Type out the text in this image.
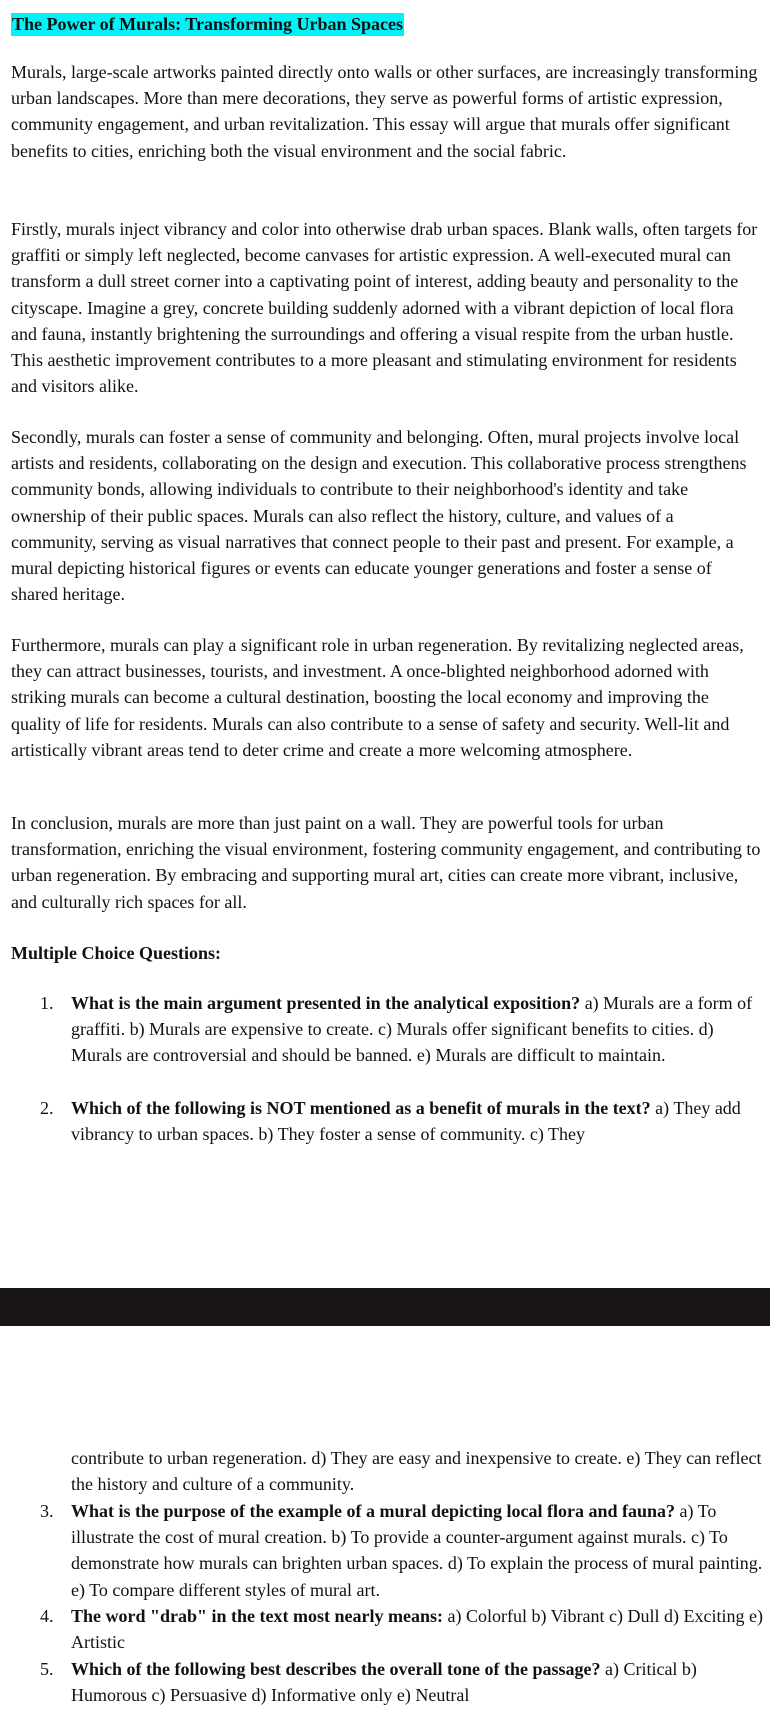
The Power of Murals: Transforming Urban Spaces

Murals, large-scale artworks painted directly onto walls or other surfaces, are increasingly transforming urban landscapes. More than mere decorations, they serve as powerful forms of artistic expression, community engagement, and urban revitalization. This essay will argue that murals offer significant benefits to cities, enriching both the visual environment and the social fabric.

Firstly, murals inject vibrancy and color into otherwise drab urban spaces. Blank walls, often targets for graffiti or simply left neglected, become canvases for artistic expression. A well-executed mural can transform a dull street corner into a captivating point of interest, adding beauty and personality to the cityscape. Imagine a grey, concrete building suddenly adorned with a vibrant depiction of local flora and fauna, instantly brightening the surroundings and offering a visual respite from the urban hustle. This aesthetic improvement contributes to a more pleasant and stimulating environment for residents and visitors alike.

Secondly, murals can foster a sense of community and belonging. Often, mural projects involve local artists and residents, collaborating on the design and execution. This collaborative process strengthens community bonds, allowing individuals to contribute to their neighborhood's identity and take ownership of their public spaces. Murals can also reflect the history, culture, and values of a community, serving as visual narratives that connect people to their past and present. For example, a mural depicting historical figures or events can educate younger generations and foster a sense of shared heritage.

Furthermore, murals can play a significant role in urban regeneration. By revitalizing neglected areas, they can attract businesses, tourists, and investment. A once-blighted neighborhood adorned with striking murals can become a cultural destination, boosting the local economy and improving the quality of life for residents. Murals can also contribute to a sense of safety and security. Well-lit and artistically vibrant areas tend to deter crime and create a more welcoming atmosphere.

In conclusion, murals are more than just paint on a wall. They are powerful tools for urban transformation, enriching the visual environment, fostering community engagement, and contributing to urban regeneration. By embracing and supporting mural art, cities can create more vibrant, inclusive, and culturally rich spaces for all.

Multiple Choice Questions:
1. What is the main argument presented in the analytical exposition? a) Murals are a form of graffiti. b) Murals are expensive to create. c) Murals offer significant benefits to cities. d) Murals are controversial and should be banned. e) Murals are difficult to maintain.

2. Which of the following is NOT mentioned as a benefit of murals in the text? a) They add vibrancy to urban spaces. b) They foster a sense of community. c) They

contribute to urban regeneration. d) They are easy and inexpensive to create. e) They can reflect the history and culture of a community.

3. What is the purpose of the example of a mural depicting local flora and fauna? a) To illustrate the cost of mural creation. b) To provide a counter-argument against murals. c) To demonstrate how murals can brighten urban spaces. d) To explain the process of mural painting. e) To compare different styles of mural art.

4. The word "drab" in the text most nearly means: a) Colorful b) Vibrant c) Dull d) Exciting e) Artistic

5. Which of the following best describes the overall tone of the passage? a) Critical b) Humorous c) Persuasive d) Informative only e) Neutral
